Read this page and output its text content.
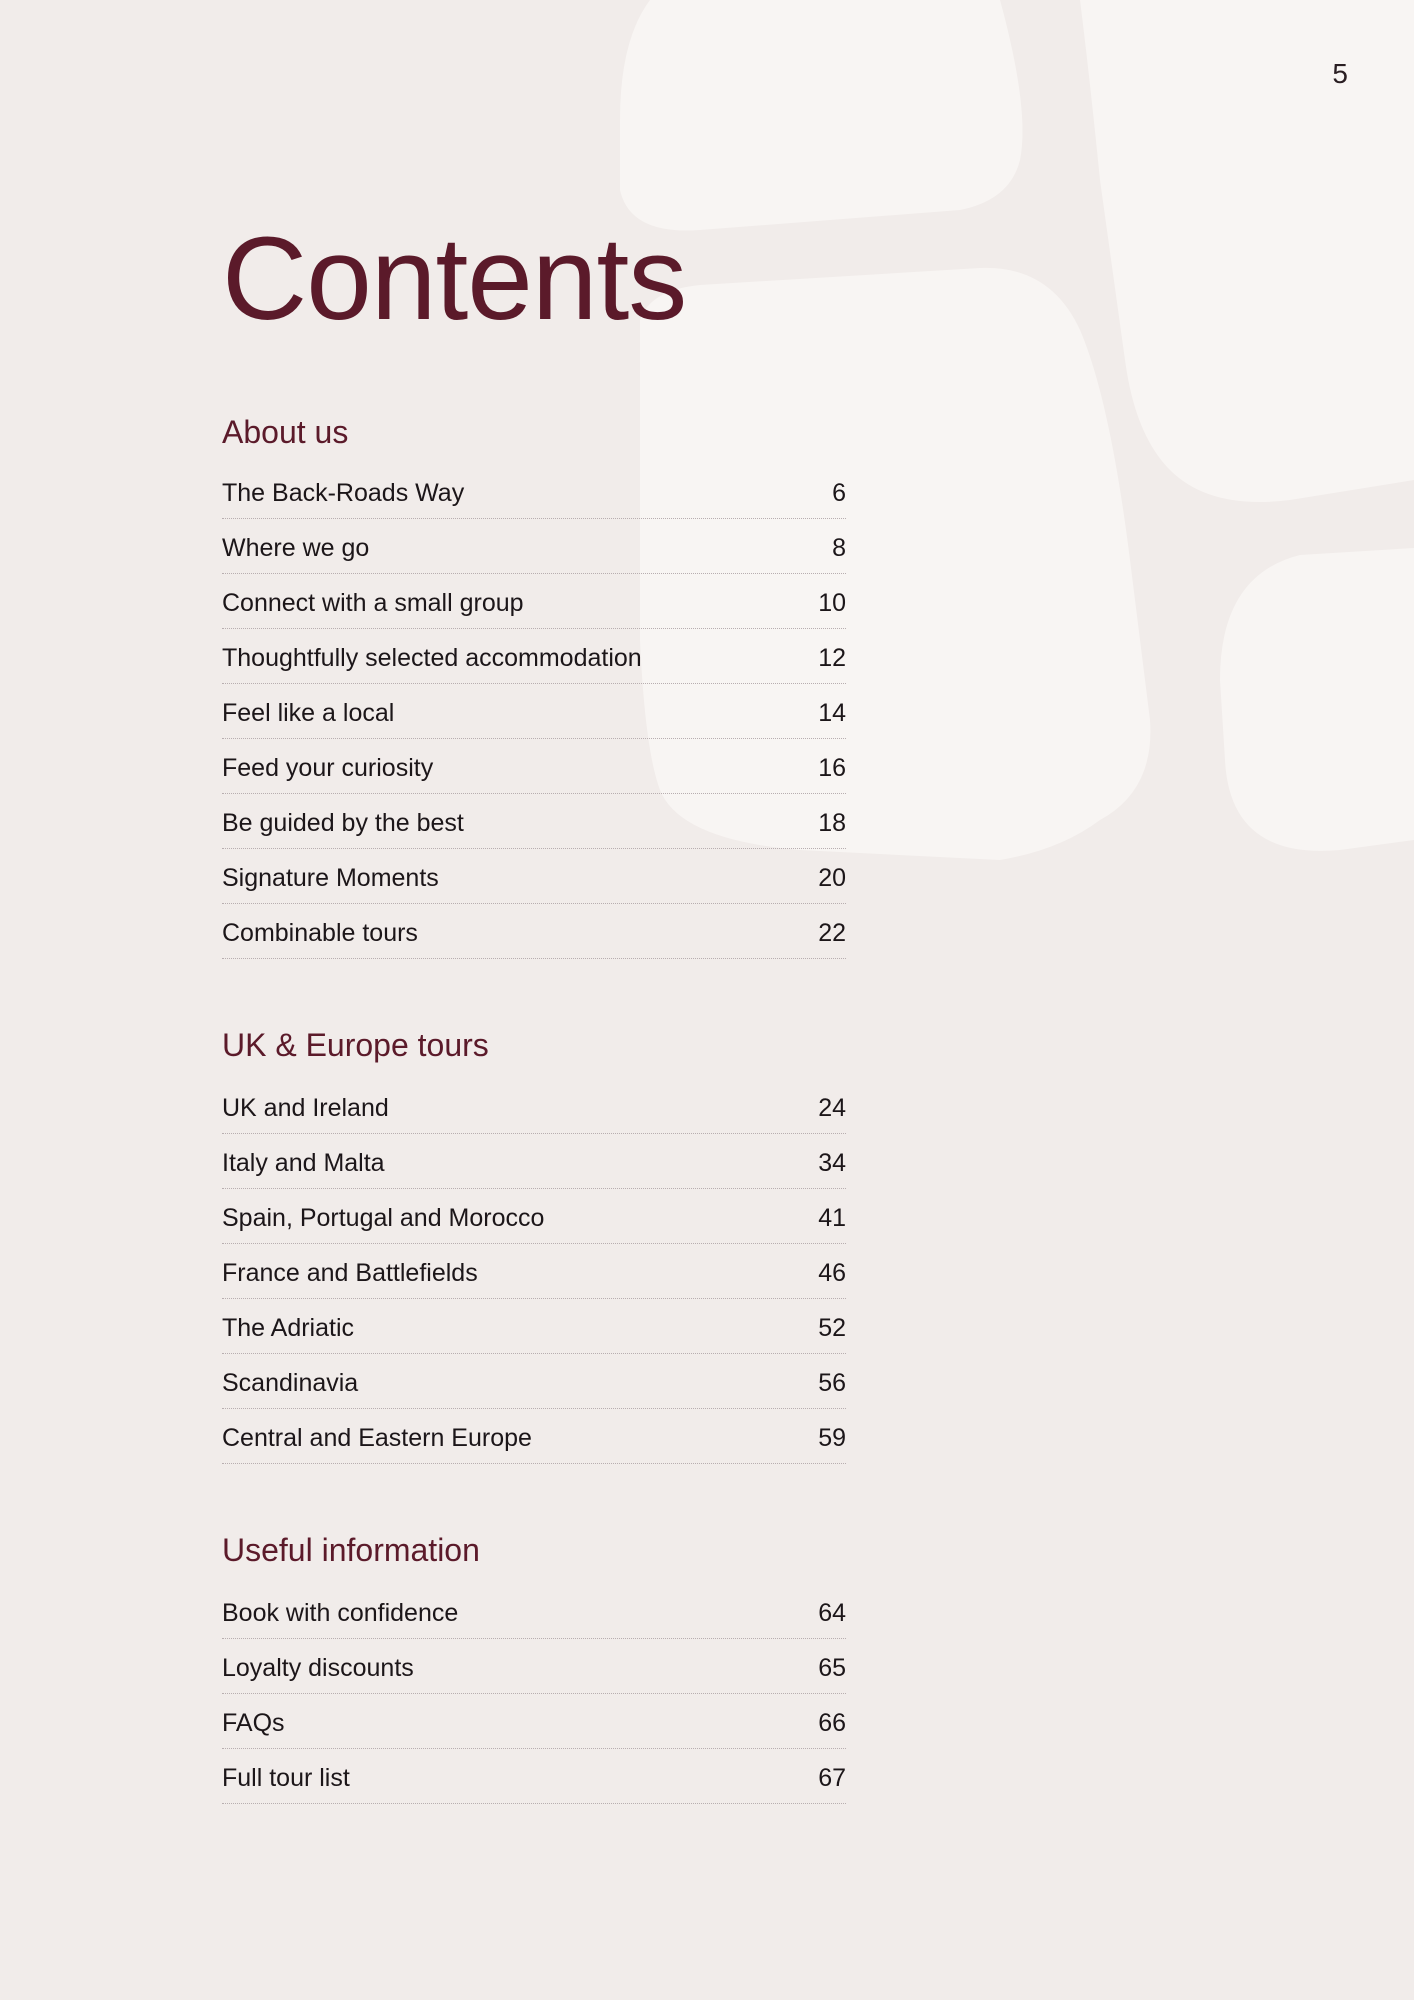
5
Contents
About us
The Back-Roads Way	6
Where we go	8
Connect with a small group	10
Thoughtfully selected accommodation	12
Feel like a local	14
Feed your curiosity	16
Be guided by the best	18
Signature Moments	20
Combinable tours	22
UK & Europe tours
UK and Ireland	24
Italy and Malta	34
Spain, Portugal and Morocco	41
France and Battlefields	46
The Adriatic	52
Scandinavia	56
Central and Eastern Europe	59
Useful information
Book with confidence	64
Loyalty discounts	65
FAQs	66
Full tour list	67
